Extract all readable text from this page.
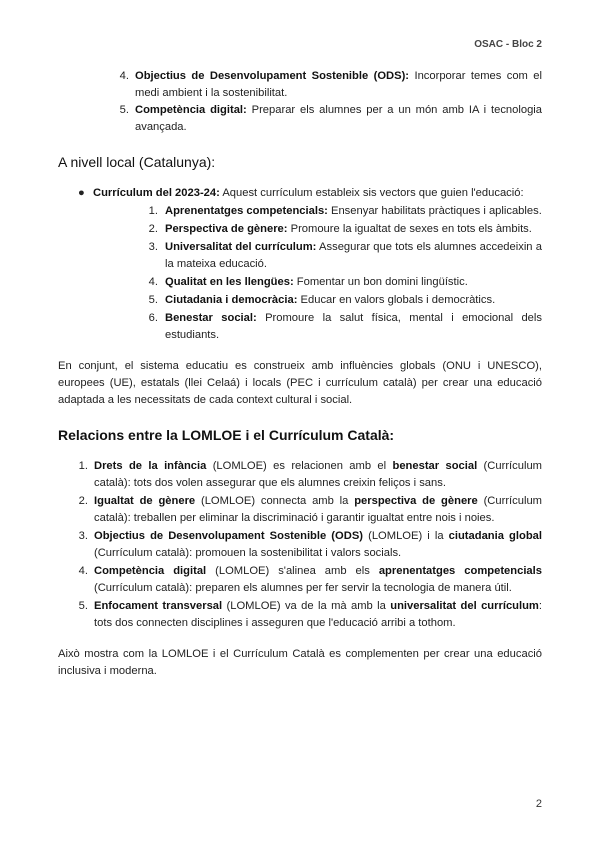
OSAC - Bloc 2
4. Objectius de Desenvolupament Sostenible (ODS): Incorporar temes com el medi ambient i la sostenibilitat.
5. Competència digital: Preparar els alumnes per a un món amb IA i tecnologia avançada.
A nivell local (Catalunya):
● Currículum del 2023-24: Aquest currículum estableix sis vectors que guien l'educació:
1. Aprenentatges competencials: Ensenyar habilitats pràctiques i aplicables.
2. Perspectiva de gènere: Promoure la igualtat de sexes en tots els àmbits.
3. Universalitat del currículum: Assegurar que tots els alumnes accedeixin a la mateixa educació.
4. Qualitat en les llengües: Fomentar un bon domini lingüístic.
5. Ciutadania i democràcia: Educar en valors globals i democràtics.
6. Benestar social: Promoure la salut física, mental i emocional dels estudiants.

En conjunt, el sistema educatiu es construeix amb influències globals (ONU i UNESCO), europees (UE), estatals (llei Celaá) i locals (PEC i currículum català) per crear una educació adaptada a les necessitats de cada context cultural i social.

Relacions entre la LOMLOE i el Currículum Català:
1. Drets de la infància (LOMLOE) es relacionen amb el benestar social (Currículum català): tots dos volen assegurar que els alumnes creixin feliços i sans.
2. Igualtat de gènere (LOMLOE) connecta amb la perspectiva de gènere (Currículum català): treballen per eliminar la discriminació i garantir igualtat entre nois i noies.
3. Objectius de Desenvolupament Sostenible (ODS) (LOMLOE) i la ciutadania global (Currículum català): promouen la sostenibilitat i valors socials.
4. Competència digital (LOMLOE) s'alinea amb els aprenentatges competencials (Currículum català): preparen els alumnes per fer servir la tecnologia de manera útil.
5. Enfocament transversal (LOMLOE) va de la mà amb la universalitat del currículum: tots dos connecten disciplines i asseguren que l'educació arribi a tothom.

Això mostra com la LOMLOE i el Currículum Català es complementen per crear una educació inclusiva i moderna.

2
